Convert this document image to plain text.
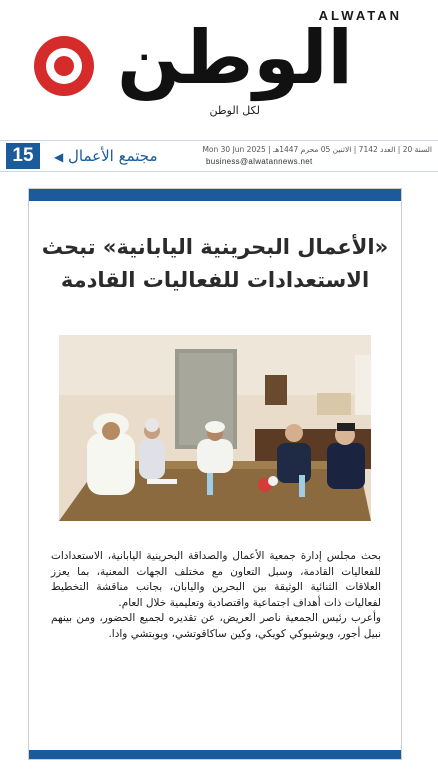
ALWATAN
الوطن
لكل الوطن
15	مجتمع الأعمال ◀
السنة 20 | العدد 7142 | الاثنين 05 محرم 1447هـ | Mon 30 Jun 2025
business@alwatannews.net
«الأعمال البحرينية اليابانية» تبحث الاستعدادات للفعاليات القادمة

بحث مجلس إدارة جمعية الأعمال والصداقة البحرينية اليابانية، الاستعدادات للفعاليات القادمة، وسبل التعاون مع مختلف الجهات المعنية، بما يعزز العلاقات الثنائية الوثيقة بين البحرين واليابان، بجانب مناقشة التخطيط لفعاليات ذات أهداف اجتماعية واقتصادية وتعليمية خلال العام.

وأعرب رئيس الجمعية ناصر العريض، عن تقديره لجميع الحضور، ومن بينهم نبيل أجور، ويوشيوكي كويكي، وكين ساكاقوتشي، ويوبتشي وادا.
